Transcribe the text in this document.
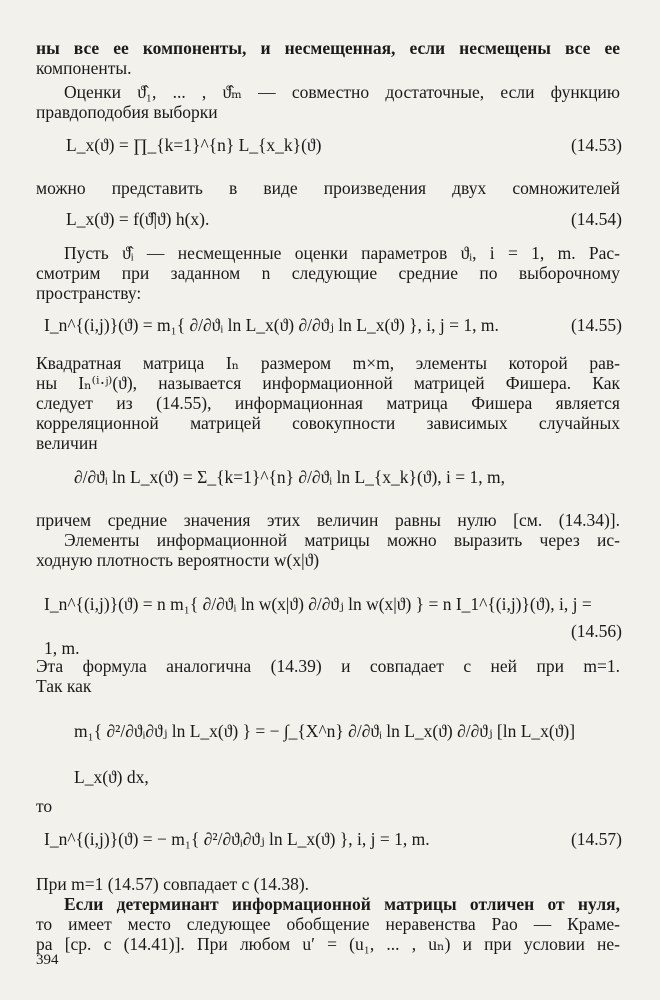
ны все ее компоненты, и несмещенная, если несмещены все ее
компоненты.
Оценки ϑ̂₁, ... , ϑ̂ₘ — совместно достаточные, если функцию
правдоподобия выборки
L_x(ϑ) = ∏_{k=1}^{n} L_{x_k}(ϑ)	(14.53)
можно представить в виде произведения двух сомножителей
L_x(ϑ) = f(ϑ̂|ϑ) h(x).	(14.54)
Пусть ϑ̂ᵢ — несмещенные оценки параметров ϑᵢ, i = 1, m. Рас-
смотрим при заданном n следующие средние по выборочному
пространству:
I_n^{(i,j)}(ϑ) = m₁{ ∂/∂ϑᵢ ln L_x(ϑ) ∂/∂ϑⱼ ln L_x(ϑ) }, i, j = 1, m.	(14.55)
Квадратная матрица Iₙ размером m×m, элементы которой рав-
ны Iₙ⁽ⁱ·ʲ⁾(ϑ), называется информационной матрицей Фишера. Как
следует из (14.55), информационная матрица Фишера является
корреляционной матрицей совокупности зависимых случайных
величин
∂/∂ϑᵢ ln L_x(ϑ) = Σ_{k=1}^{n} ∂/∂ϑᵢ ln L_{x_k}(ϑ), i = 1, m,
причем средние значения этих величин равны нулю [см. (14.34)].
Элементы информационной матрицы можно выразить через ис-
ходную плотность вероятности w(x|ϑ)
I_n^{(i,j)}(ϑ) = n m₁{ ∂/∂ϑᵢ ln w(x|ϑ) ∂/∂ϑⱼ ln w(x|ϑ) } = n I_1^{(i,j)}(ϑ), i, j = 1, m.
(14.56)
Эта формула аналогична (14.39) и совпадает с ней при m=1.
Так как
m₁{ ∂²/∂ϑᵢ∂ϑⱼ ln L_x(ϑ) } = − ∫_{X^n} ∂/∂ϑᵢ ln L_x(ϑ) ∂/∂ϑⱼ [ln L_x(ϑ)] L_x(ϑ) dx,
то
I_n^{(i,j)}(ϑ) = − m₁{ ∂²/∂ϑᵢ∂ϑⱼ ln L_x(ϑ) }, i, j = 1, m.	(14.57)
При m=1 (14.57) совпадает с (14.38).
Если детерминант информационной матрицы отличен от нуля,
то имеет место следующее обобщение неравенства Рао — Краме-
ра [ср. с (14.41)]. При любом u′ = (u₁, ... , uₙ) и при условии не-
394
